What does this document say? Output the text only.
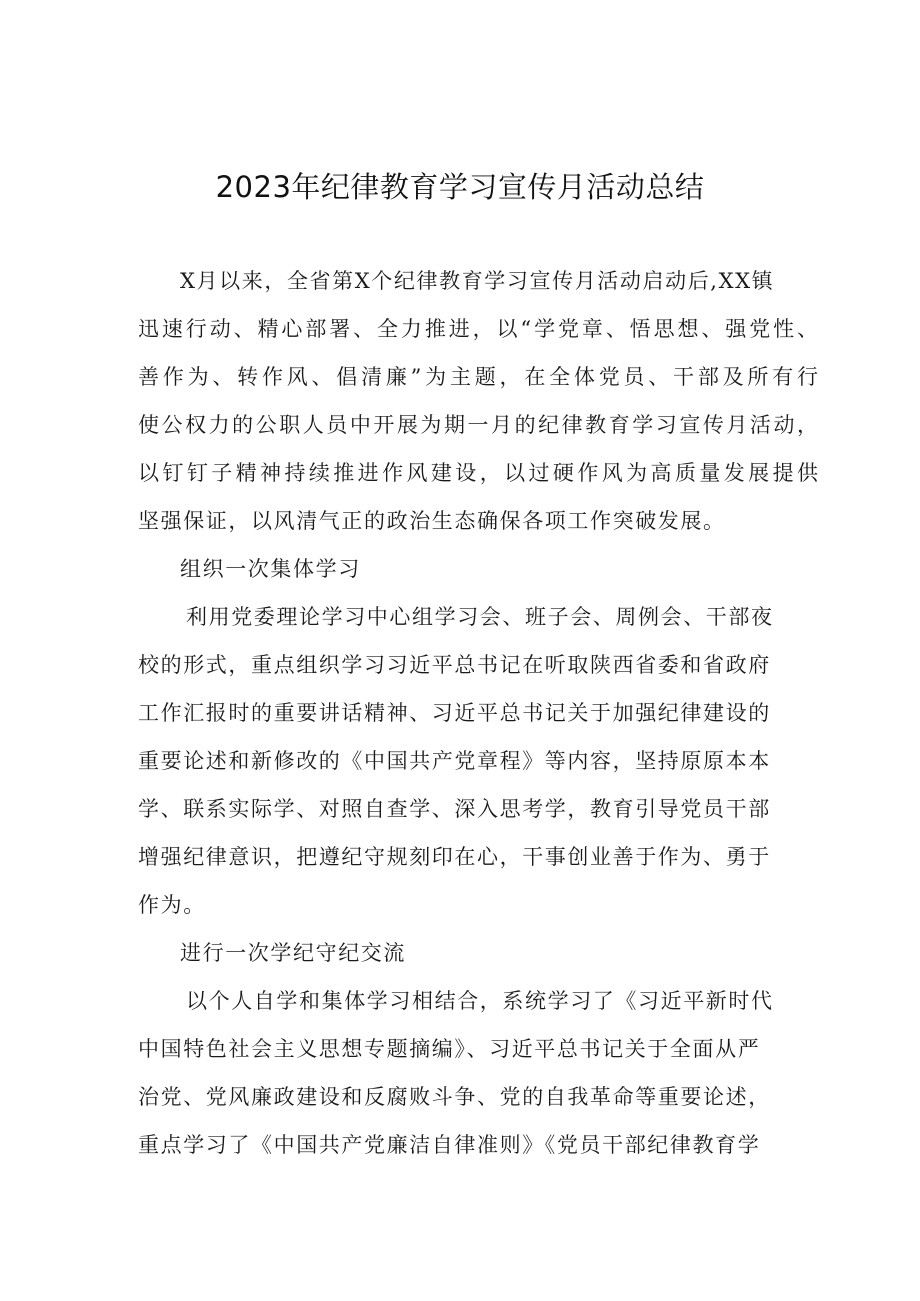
2023年纪律教育学习宣传月活动总结
X月以来，全省第X个纪律教育学习宣传月活动启动后,XX镇
迅速行动、精心部署、全力推进，以“学党章、悟思想、强党性、
善作为、转作风、倡清廉”为主题，在全体党员、干部及所有行
使公权力的公职人员中开展为期一月的纪律教育学习宣传月活动，
以钉钉子精神持续推进作风建设，以过硬作风为高质量发展提供
坚强保证，以风清气正的政治生态确保各项工作突破发展。
组织一次集体学习
利用党委理论学习中心组学习会、班子会、周例会、干部夜
校的形式，重点组织学习习近平总书记在听取陕西省委和省政府
工作汇报时的重要讲话精神、习近平总书记关于加强纪律建设的
重要论述和新修改的《中国共产党章程》等内容，坚持原原本本
学、联系实际学、对照自查学、深入思考学，教育引导党员干部
增强纪律意识，把遵纪守规刻印在心，干事创业善于作为、勇于
作为。
进行一次学纪守纪交流
以个人自学和集体学习相结合，系统学习了《习近平新时代
中国特色社会主义思想专题摘编》、习近平总书记关于全面从严
治党、党风廉政建设和反腐败斗争、党的自我革命等重要论述，
重点学习了《中国共产党廉洁自律准则》《党员干部纪律教育学
